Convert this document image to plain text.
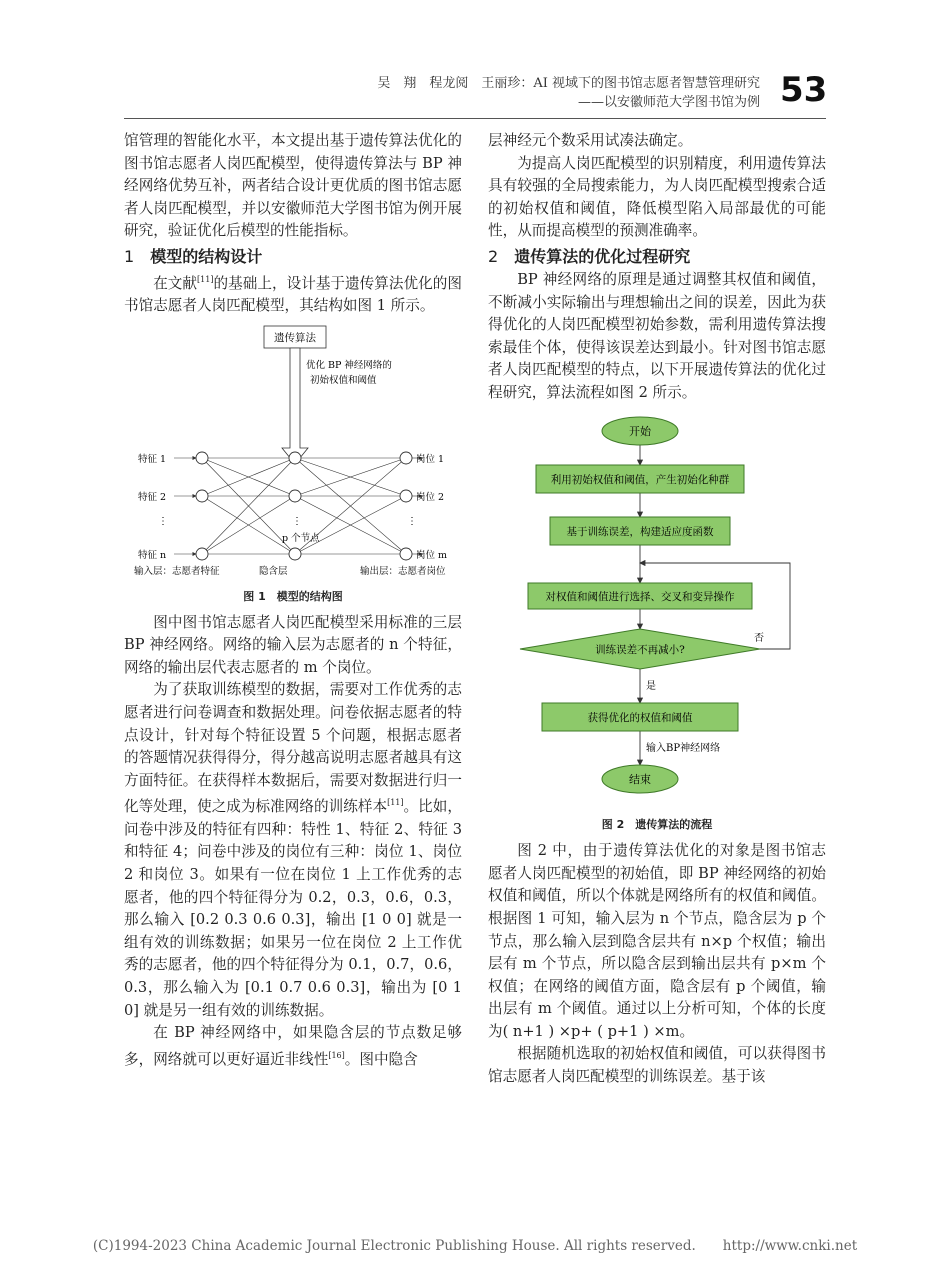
吴　翔　程龙阅　王丽珍：AI 视域下的图书馆志愿者智慧管理研究
——以安徽师范大学图书馆为例 53

馆管理的智能化水平，本文提出基于遗传算法优化的图书馆志愿者人岗匹配模型，使得遗传算法与 BP 神经网络优势互补，两者结合设计更优质的图书馆志愿者人岗匹配模型，并以安徽师范大学图书馆为例开展研究，验证优化后模型的性能指标。

1 模型的结构设计

在文献[11]的基础上，设计基于遗传算法优化的图书馆志愿者人岗匹配模型，其结构如图 1 所示。

遗传算法
优化 BP 神经网络的
初始权值和阈值
特征 1
特征 2
特征 n
岗位 1
岗位 2
岗位 m
p 个节点
⋮	⋮	⋮
输入层：志愿者特征	隐含层	输出层：志愿者岗位
图 1　模型的结构图

图中图书馆志愿者人岗匹配模型采用标准的三层 BP 神经网络。网络的输入层为志愿者的 n 个特征，网络的输出层代表志愿者的 m 个岗位。

为了获取训练模型的数据，需要对工作优秀的志愿者进行问卷调查和数据处理。问卷依据志愿者的特点设计，针对每个特征设置 5 个问题，根据志愿者的答题情况获得得分，得分越高说明志愿者越具有这方面特征。在获得样本数据后，需要对数据进行归一化等处理，使之成为标准网络的训练样本[11]。比如，问卷中涉及的特征有四种：特性 1、特征 2、特征 3 和特征 4；问卷中涉及的岗位有三种：岗位 1、岗位 2 和岗位 3。如果有一位在岗位 1 上工作优秀的志愿者，他的四个特征得分为 0.2，0.3，0.6，0.3，那么输入 [0.2 0.3 0.6 0.3]，输出 [1 0 0] 就是一组有效的训练数据；如果另一位在岗位 2 上工作优秀的志愿者，他的四个特征得分为 0.1，0.7，0.6，0.3，那么输入为 [0.1 0.7 0.6 0.3]，输出为 [0 1 0] 就是另一组有效的训练数据。

在 BP 神经网络中，如果隐含层的节点数足够多，网络就可以更好逼近非线性[16]。图中隐含

层神经元个数采用试凑法确定。

为提高人岗匹配模型的识别精度，利用遗传算法具有较强的全局搜索能力，为人岗匹配模型搜索合适的初始权值和阈值，降低模型陷入局部最优的可能性，从而提高模型的预测准确率。

2 遗传算法的优化过程研究

BP 神经网络的原理是通过调整其权值和阈值，不断减小实际输出与理想输出之间的误差，因此为获得优化的人岗匹配模型初始参数，需利用遗传算法搜索最佳个体，使得该误差达到最小。针对图书馆志愿者人岗匹配模型的特点，以下开展遗传算法的优化过程研究，算法流程如图 2 所示。

开始
利用初始权值和阈值，产生初始化种群
基于训练误差，构建适应度函数
对权值和阈值进行选择、交叉和变异操作
训练误差不再减小?
否
是
获得优化的权值和阈值
输入BP神经网络
结束
图 2　遗传算法的流程

图 2 中，由于遗传算法优化的对象是图书馆志愿者人岗匹配模型的初始值，即 BP 神经网络的初始权值和阈值，所以个体就是网络所有的权值和阈值。根据图 1 可知，输入层为 n 个节点，隐含层为 p 个节点，那么输入层到隐含层共有 n×p 个权值；输出层有 m 个节点，所以隐含层到输出层共有 p×m 个权值；在网络的阈值方面，隐含层有 p 个阈值，输出层有 m 个阈值。通过以上分析可知，个体的长度为( n+1 ) ×p+ ( p+1 ) ×m。

根据随机选取的初始权值和阈值，可以获得图书馆志愿者人岗匹配模型的训练误差。基于该

(C)1994-2023 China Academic Journal Electronic Publishing House. All rights reserved.　　http://www.cnki.net
